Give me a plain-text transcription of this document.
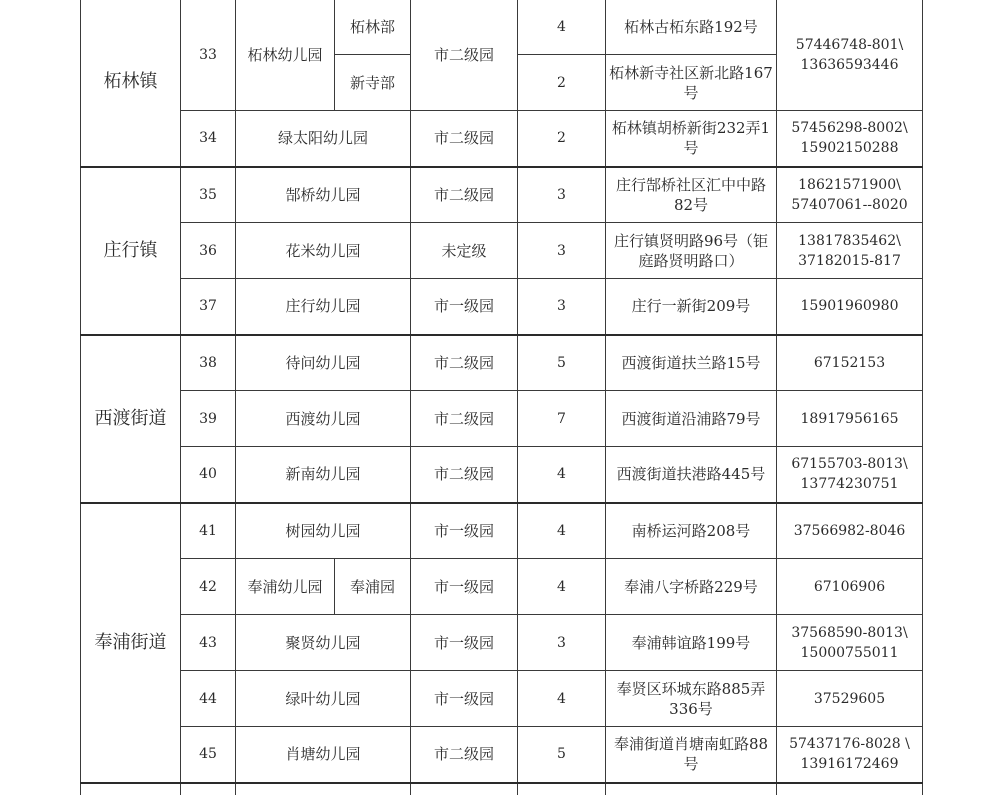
柘林镇	33	柘林幼儿园	柘林部	市二级园	4	柘林古柘东路192号	57446748-801\ 13636593446
			新寺部		2	柘林新寺社区新北路167号	
	34	绿太阳幼儿园		市二级园	2	柘林镇胡桥新街232弄1号	57456298-8002\ 15902150288
庄行镇	35	郜桥幼儿园		市二级园	3	庄行郜桥社区汇中中路82号	18621571900\ 57407061--8020
	36	花米幼儿园		未定级	3	庄行镇贤明路96号（钜庭路贤明路口）	13817835462\ 37182015-817
	37	庄行幼儿园		市一级园	3	庄行一新街209号	15901960980
西渡街道	38	待问幼儿园		市二级园	5	西渡街道扶兰路15号	67152153
	39	西渡幼儿园		市二级园	7	西渡街道沿浦路79号	18917956165
	40	新南幼儿园		市二级园	4	西渡街道扶港路445号	67155703-8013\ 13774230751
奉浦街道	41	树园幼儿园		市一级园	4	南桥运河路208号	37566982-8046
	42	奉浦幼儿园	奉浦园	市一级园	4	奉浦八字桥路229号	67106906
	43	聚贤幼儿园		市一级园	3	奉浦韩谊路199号	37568590-8013\ 15000755011
	44	绿叶幼儿园		市一级园	4	奉贤区环城东路885弄336号	37529605
	45	肖塘幼儿园		市二级园	5	奉浦街道肖塘南虹路88号	57437176-8028 \ 13916172469
